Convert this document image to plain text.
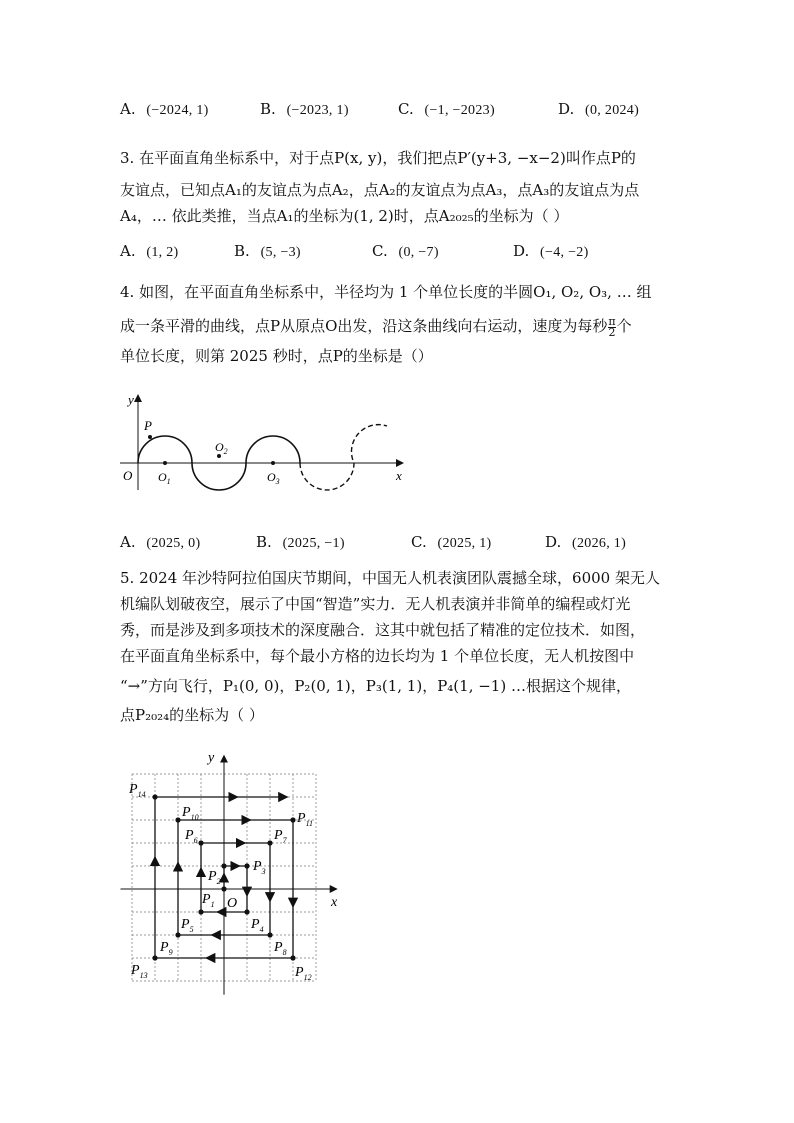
A. (−2024, 1)	B. (−2023, 1)	C. (−1, −2023)	D. (0, 2024)
3. 在平面直角坐标系中，对于点P(x, y)，我们把点P′(y+3, −x−2)叫作点P的
友谊点，已知点A₁的友谊点为点A₂，点A₂的友谊点为点A₃，点A₃的友谊点为点
A₄，… 依此类推，当点A₁的坐标为(1, 2)时，点A₂₀₂₅的坐标为（ ）
A. (1, 2)	B. (5, −3)	C. (0, −7)	D. (−4, −2)
4. 如图，在平面直角坐标系中，半径均为 1 个单位长度的半圆O₁, O₂, O₃, … 组
成一条平滑的曲线，点P从原点O出发，沿这条曲线向右运动，速度为每秒 $\frac{\pi}{2}$ 个
单位长度，则第 2025 秒时，点P的坐标是（）
y
x
P
O $O_1$
$O_2$
$O_3$
A. (2025, 0)	B. (2025, −1)	C. (2025, 1)	D. (2026, 1)
5. 2024 年沙特阿拉伯国庆节期间，中国无人机表演团队震撼全球，6000 架无人
机编队划破夜空，展示了中国“智造”实力．无人机表演并非简单的编程或灯光
秀，而是涉及到多项技术的深度融合．这其中就包括了精准的定位技术．如图，
在平面直角坐标系中，每个最小方格的边长均为 1 个单位长度，无人机按图中
“→”方向飞行，P₁(0, 0)，P₂(0, 1)，P₃(1, 1)，P₄(1, −1) …根据这个规律，
点P₂₀₂₄的坐标为（ ）
$P_1$
$P_2$
$P_3$
$P_4$
$P_5$
$P_6$	$P_7$
$P_8$
$P_9$
$P_{10}$	$P_{11}$
$P_{12}$
$P_{13}$
$P_{14}$
O	x
y
